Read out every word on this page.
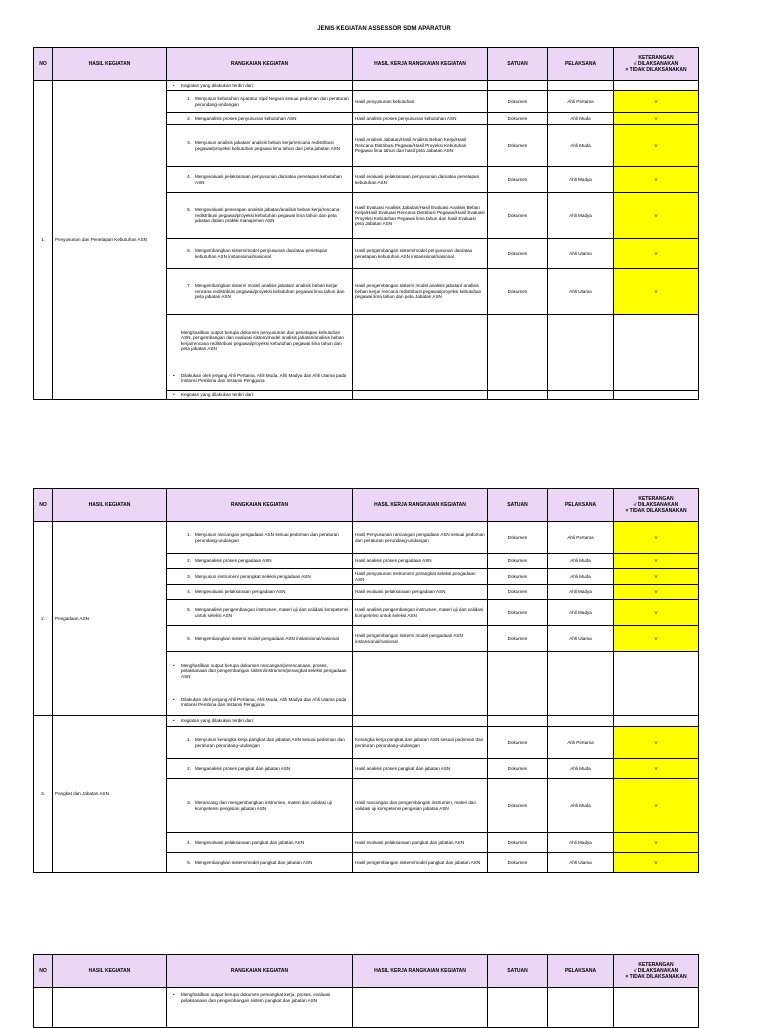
JENIS KEGIATAN ASSESSOR SDM APARATUR
NO	HASIL KEGIATAN	RANGKAIAN KEGIATAN	HASIL KERJA RANGKAIAN KEGIATAN	SATUAN	PELAKSANA	KETERANGAN
√ DILAKSANAKAN
× TIDAK DILAKSANAKAN

1.	Penyusunan dan Penetapan Kebutuhan ASN	• Kegiatan yang dilakukan terdiri dari:				

		1. Menyusun kebutuhan Aparatur Sipil Negara sesuai pedoman dan peraturan perundang-undangan	Hasil penyusunan kebutuhan	Dokumen	Ahli Pertama	V

		2. Menganalisis proses penyusunan kebutuhan ASN	Hasil analisis proses penyusunan kebutuhan ASN	Dokumen	Ahli Muda	V

		3. Menyusun analisis jabatan/ analisis beban kerja/rencana redistribusi pegawai/proyeksi kebutuhan pegawai lima tahun dan peta jabatan ASN	Hasil Analisis Jabatan/Hasil Analisis Beban Kerja/Hasil Rencana Distribusi Pegawai/Hasil Proyeksi Kebutuhan Pegawai lima tahun dan hasil peta Jabatan ASN	Dokumen	Ahli Muda	V

		4. Mengevaluasi pelaksanaan penyusunan dan/atau penetapan kebutuhan ASN	Hasil evaluasi pelaksanaan penyusunan dan/atau penetapan kebutuhan ASN	Dokumen	Ahli Madya	V

		5. Mengevaluasi penerapan analisis jabatan/analisis beban kerja/rencana redistribusi pegawai/proyeksi kebutuhan pegawai lima tahun dan peta jabatan dalam praktik manajemen ASN	Hasil Evaluasi Analisis Jabatan/Hasil Evaluasi Analisis Beban Kerja/Hasil Evaluasi Rencana Distribusi Pegawai/Hasil Evaluasi Proyeksi Kebutuhan Pegawai lima tahun dan hasil Evaluasi peta Jabatan ASN	Dokumen	Ahli Madya	V

		6. Mengembangkan sistem/model penyusunan dan/atau penetapan kebutuhan ASN instansional/nasional	Hasil pengembangan sistem/model penyusunan dan/atau penetapan kebutuhan ASN instansional/nasional	Dokumen	Ahli Utama	V

		7. Mengembangkan sistem/ model analisis jabatan/ analisis beban kerja/ rencana redistribusi pegawai/proyeksi kebutuhan pegawai lima tahun dan peta jabatan ASN	Hasil pengembangan sistem/ model analisis jabatan/ analisis beban kerja/ rencana redistribusi pegawai/proyeksi kebutuhan pegawai lima tahun dan peta Jabatan ASN	Dokumen	Ahli Utama	V

		Menghasilkan output berupa dokumen penyusunan dan penetapan kebutuhan ASN, pengembangan dan evaluasi sistem/model analisis jabatan/analisis beban kerja/rencana redistribusi pegawai/proyeksi kebutuhan pegawai lima tahun dan peta jabatan ASN				

		• Dilakukan oleh jenjang Ahli Pertama, Ahli Muda, Ahli Madya dan Ahli Utama pada Instansi Pembina dan Instansi Pengguna				

		• Kegiatan yang dilakukan terdiri dari:				

NO	HASIL KEGIATAN	RANGKAIAN KEGIATAN	HASIL KERJA RANGKAIAN KEGIATAN	SATUAN	PELAKSANA	KETERANGAN
√ DILAKSANAKAN
× TIDAK DILAKSANAKAN

2.	Pengadaan ASN	1. Menyusun rancangan pengadaan ASN sesuai pedoman dan peraturan perundang-undangan	Hasil Penyusunan rancangan pengadaan ASN sesuai pedoman dan peraturan perundang-undangan	Dokumen	Ahli Pertama	V

		2. Menganalisis proses pengadaan ASN	Hasil analisis proses pengadaan ASN	Dokumen	Ahli Muda	V

		3. Menyusun instrumen/ perangkat seleksi pengadaan ASN	Hasil penyusunan instrumen/ perangkat seleksi pengadaan ASN	Dokumen	Ahli Muda	V

		4. Mengevaluasi pelaksanaan pengadaan ASN	Hasil evaluasi pelaksanaan pengadaan ASN	Dokumen	Ahli Madya	V

		5. Menganalisis pengembangan instrumen, materi uji dan validasi kompetensi untuk seleksi ASN	Hasil analisis pengembangan instrumen, materi uji dan validasi kompetensi untuk seleksi ASN	Dokumen	Ahli Madya	V

		6. Mengembangkan sistem/ model pengadaan ASN instansional/nasional	Hasil pengembangan sistem/ model pengadaan ASN instansional/nasional	Dokumen	Ahli Utama	V

		• Menghasilkan output berupa dokumen rancangan/perencanaan, proses, pelaksanaan dan pengembangan sistem/instrumen/perangkat seleksi pengadaan ASN				

		• Dilakukan oleh jenjang Ahli Pertama, Ahli Muda, Ahli Madya dan Ahli Utama pada Instansi Pembina dan Instansi Pengguna				

3.	Pangkat dan Jabatan ASN	• Kegiatan yang dilakukan terdiri dari:				

		1. Menyusun kerangka kerja pangkat dan jabatan ASN sesuai pedoman dan peraturan perundang-undangan	Kerangka kerja pangkat dan jabatan ASN sesuai pedoman dan peraturan perundang-undangan	Dokumen	Ahli Pertama	V

		2. Menganalisis proses pangkat dan jabatan ASN	Hasil analisis proses pangkat dan jabatan ASN	Dokumen	Ahli Muda	V

		3. Merancang dan mengembangkan instrumen, materi dan validasi uji kompetensi pengisian jabatan ASN	Hasil rancangan dan pengembangan instrumen, materi dan validasi uji kompetensi pengisian jabatan ASN	Dokumen	Ahli Muda	V

		4. Mengevaluasi pelaksanaan pangkat dan jabatan ASN	Hasil evaluasi pelaksanaan pangkat dan jabatan ASN	Dokumen	Ahli Madya	V

		5. Mengembangkan sistem/model pangkat dan jabatan ASN	Hasil pengembangan sistem/model pangkat dan jabatan ASN	Dokumen	Ahli Utama	V
NO	HASIL KEGIATAN	RANGKAIAN KEGIATAN	HASIL KERJA RANGKAIAN KEGIATAN	SATUAN	PELAKSANA	KETERANGAN
√ DILAKSANAKAN
× TIDAK DILAKSANAKAN

		• Menghasilkan output berupa dokumen pemangkat kerja, proses, evaluasi pelaksanaan dan pengembangan sistem pangkat dan jabatan ASN				
